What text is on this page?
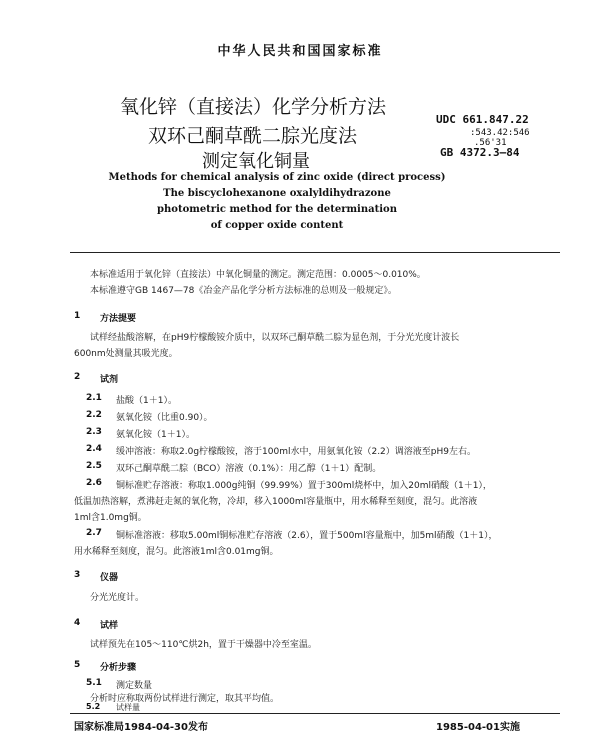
中华人民共和国国家标准
氧化锌（直接法）化学分析方法
双环己酮草酰二腙光度法
测定氧化铜量
UDC 661.847.22
:543.42:546
.56'31
GB 4372.3—84
Methods for chemical analysis of zinc oxide (direct process)
The biscyclohexanone oxalyldihydrazone
photometric method for the determination
of copper oxide content
本标准适用于氧化锌（直接法）中氧化铜量的测定。测定范围：0.0005～0.010%。
本标准遵守GB 1467—78《冶金产品化学分析方法标准的总则及一般规定》。
1 方法提要
试样经盐酸溶解，在pH9柠檬酸铵介质中，以双环己酮草酰二腙为显色剂，于分光光度计波长
600nm处测量其吸光度。
2 试剂
2.1 盐酸（1＋1）。
2.2 氨氧化铵（比重0.90）。
2.3 氨氧化铵（1＋1）。
2.4 缓冲溶液：称取2.0g柠檬酸铵，溶于100ml水中，用氨氧化铵（2.2）调溶液至pH9左右。
2.5 双环己酮草酰二腙（BCO）溶液（0.1%）：用乙醇（1＋1）配制。
2.6 铜标准贮存溶液：称取1.000g纯铜（99.99%）置于300ml烧杯中，加入20ml硝酸（1＋1），
低温加热溶解，煮沸赶走氮的氧化物，冷却，移入1000ml容量瓶中，用水稀释至刻度，混匀。此溶液
1ml含1.0mg铜。
2.7 铜标准溶液：移取5.00ml铜标准贮存溶液（2.6），置于500ml容量瓶中，加5ml硝酸（1＋1），
用水稀释至刻度，混匀。此溶液1ml含0.01mg铜。
3 仪器
分光光度计。
4 试样
试样预先在105～110℃烘2h，置于干燥器中冷至室温。
5 分析步骤
5.1 测定数量
分析时应称取两份试样进行测定，取其平均值。
5.2 试样量
国家标准局1984-04-30发布	1985-04-01实施
